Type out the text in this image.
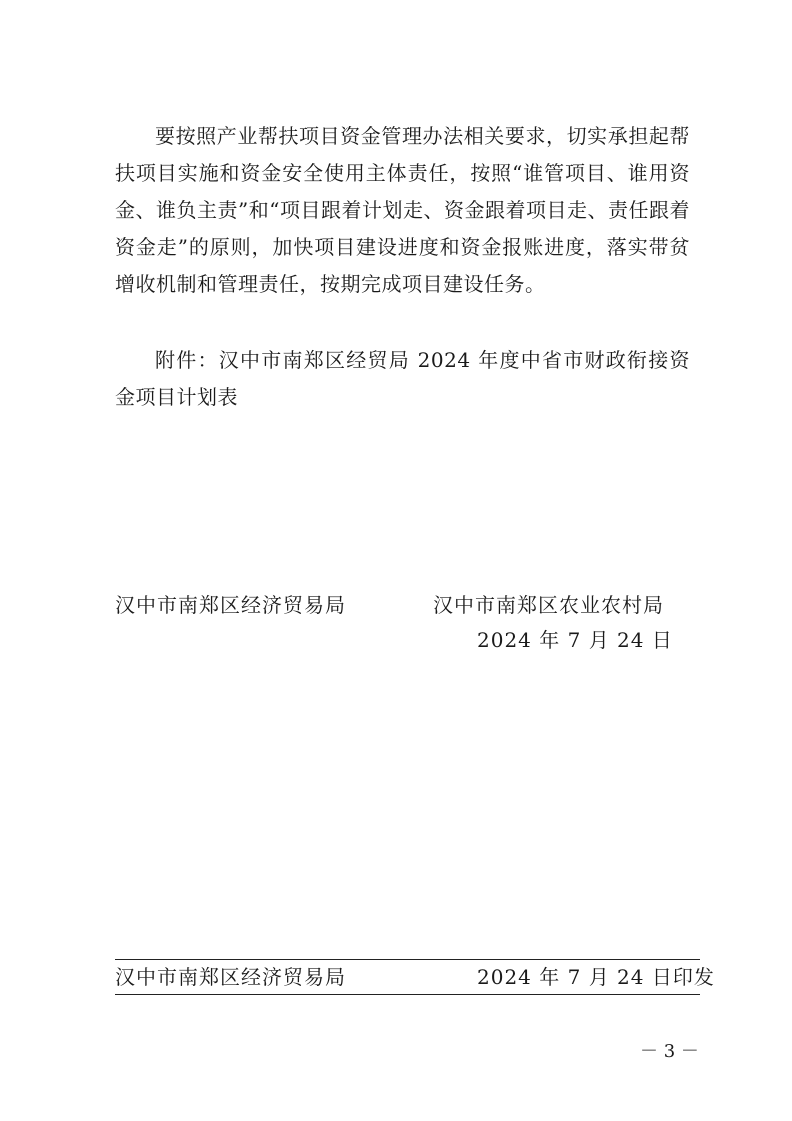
要按照产业帮扶项目资金管理办法相关要求，切实承担起帮扶项目实施和资金安全使用主体责任，按照“谁管项目、谁用资金、谁负主责”和“项目跟着计划走、资金跟着项目走、责任跟着资金走”的原则，加快项目建设进度和资金报账进度，落实带贫增收机制和管理责任，按期完成项目建设任务。

附件：汉中市南郑区经贸局 2024 年度中省市财政衔接资金项目计划表

汉中市南郑区经济贸易局	汉中市南郑区农业农村局
2024 年 7 月 24 日
汉中市南郑区经济贸易局	2024 年 7 月 24 日印发
－ 3 －
